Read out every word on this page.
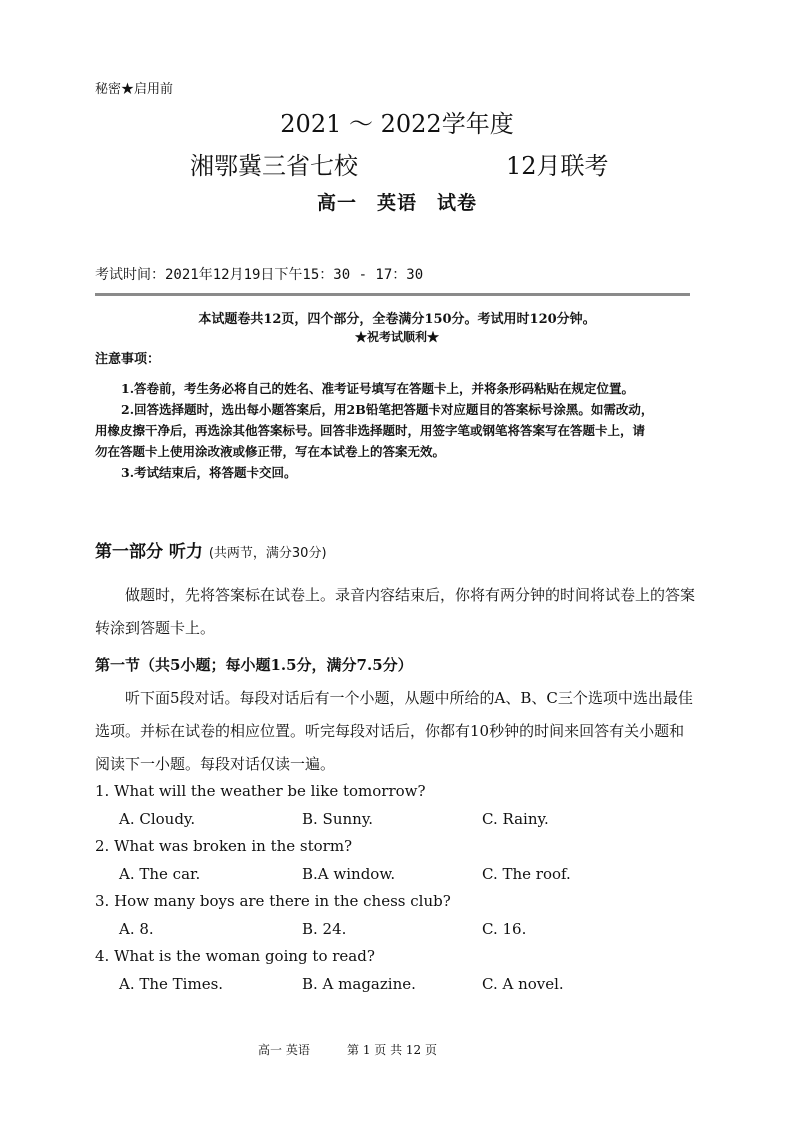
秘密★启用前
2021 ～ 2022学年度
湘鄂冀三省七校	12月联考
高一　英语　试卷
考试时间：2021年12月19日下午15：30 - 17：30
本试题卷共12页，四个部分，全卷满分150分。考试用时120分钟。
★祝考试顺利★
注意事项：

1.答卷前，考生务必将自己的姓名、准考证号填写在答题卡上，并将条形码粘贴在规定位置。

2.回答选择题时，选出每小题答案后，用2B铅笔把答题卡对应题目的答案标号涂黑。如需改动，用橡皮擦干净后，再选涂其他答案标号。回答非选择题时，用签字笔或钢笔将答案写在答题卡上，请勿在答题卡上使用涂改液或修正带，写在本试卷上的答案无效。

3.考试结束后，将答题卡交回。

第一部分 听力 (共两节，满分30分)
做题时，先将答案标在试卷上。录音内容结束后，你将有两分钟的时间将试卷上的答案转涂到答题卡上。
第一节（共5小题；每小题1.5分，满分7.5分）
听下面5段对话。每段对话后有一个小题，从题中所给的A、B、C三个选项中选出最佳选项。并标在试卷的相应位置。听完每段对话后，你都有10秒钟的时间来回答有关小题和阅读下一小题。每段对话仅读一遍。
1. What will the weather be like tomorrow?
A. Cloudy.	B. Sunny.	C. Rainy.
2. What was broken in the storm?
A. The car.	B.A window.	C. The roof.
3. How many boys are there in the chess club?
A. 8.	B. 24.	C. 16.
4. What is the woman going to read?
A. The Times.	B. A magazine.	C. A novel.
高一 英语	第 1 页 共 12 页
